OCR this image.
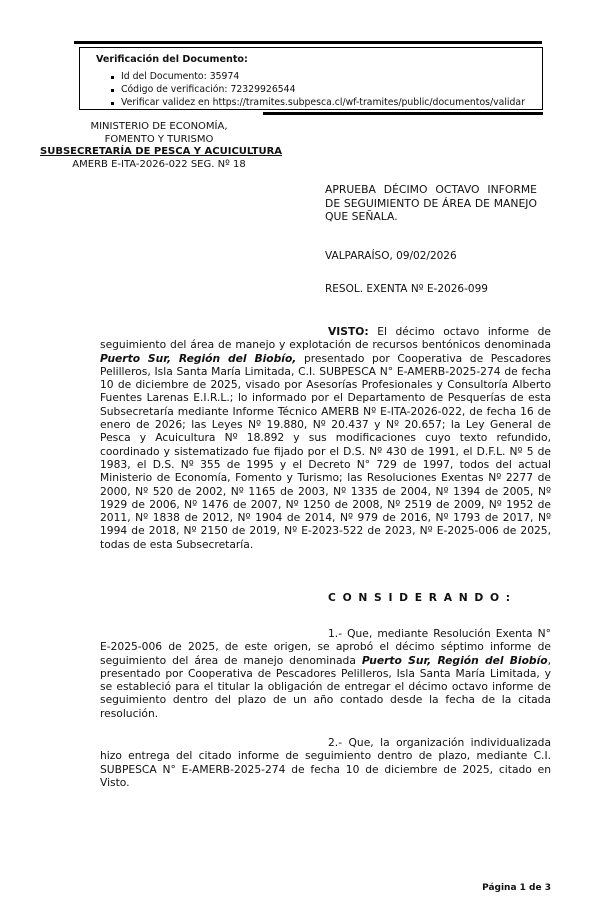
Verificación del Documento:
Id del Documento: 35974
Código de verificación: 72329926544
Verificar validez en https://tramites.subpesca.cl/wf-tramites/public/documentos/validar
MINISTERIO DE ECONOMÍA,
FOMENTO Y TURISMO
SUBSECRETARÍA DE PESCA Y ACUICULTURA
AMERB E-ITA-2026-022 SEG. Nº 18
APRUEBA DÉCIMO OCTAVO INFORME DE SEGUIMIENTO DE ÁREA DE MANEJO QUE SEÑALA.
VALPARAÍSO, 09/02/2026
RESOL. EXENTA Nº E-2026-099

VISTO: El décimo octavo informe de seguimiento del área de manejo y explotación de recursos bentónicos denominada Puerto Sur, Región del Biobío, presentado por Cooperativa de Pescadores Pelilleros, Isla Santa María Limitada, C.I. SUBPESCA N° E-AMERB-2025-274 de fecha 10 de diciembre de 2025, visado por Asesorías Profesionales y Consultoría Alberto Fuentes Larenas E.I.R.L.; lo informado por el Departamento de Pesquerías de esta Subsecretaría mediante Informe Técnico AMERB Nº E-ITA-2026-022, de fecha 16 de enero de 2026; las Leyes Nº 19.880, Nº 20.437 y Nº 20.657; la Ley General de Pesca y Acuicultura Nº 18.892 y sus modificaciones cuyo texto refundido, coordinado y sistematizado fue fijado por el D.S. Nº 430 de 1991, el D.F.L. Nº 5 de 1983, el D.S. Nº 355 de 1995 y el Decreto N° 729 de 1997, todos del actual Ministerio de Economía, Fomento y Turismo; las Resoluciones Exentas Nº 2277 de 2000, Nº 520 de 2002, Nº 1165 de 2003, Nº 1335 de 2004, Nº 1394 de 2005, Nº 1929 de 2006, Nº 1476 de 2007, Nº 1250 de 2008, Nº 2519 de 2009, Nº 1952 de 2011, Nº 1838 de 2012, Nº 1904 de 2014, Nº 979 de 2016, Nº 1793 de 2017, Nº 1994 de 2018, Nº 2150 de 2019, Nº E-2023-522 de 2023, Nº E-2025-006 de 2025, todas de esta Subsecretaría.

C O N S I D E R A N D O :

1.- Que, mediante Resolución Exenta N° E-2025-006 de 2025, de este origen, se aprobó el décimo séptimo informe de seguimiento del área de manejo denominada Puerto Sur, Región del Biobío, presentado por Cooperativa de Pescadores Pelilleros, Isla Santa María Limitada, y se estableció para el titular la obligación de entregar el décimo octavo informe de seguimiento dentro del plazo de un año contado desde la fecha de la citada resolución.

2.- Que, la organización individualizada hizo entrega del citado informe de seguimiento dentro de plazo, mediante C.I. SUBPESCA N° E-AMERB-2025-274 de fecha 10 de diciembre de 2025, citado en Visto.

Página 1 de 3
